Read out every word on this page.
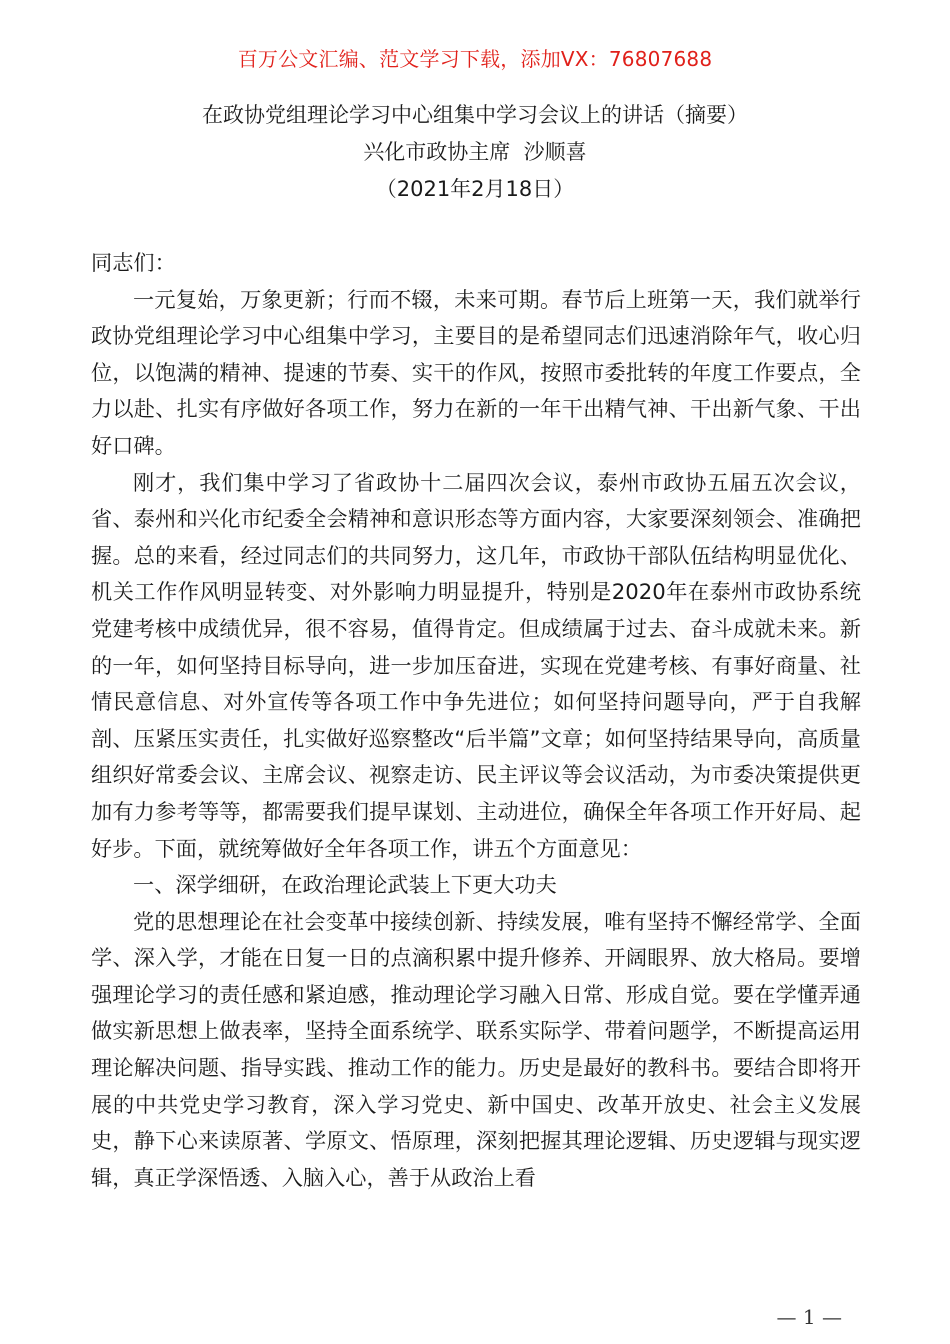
百万公文汇编、范文学习下载，添加VX：76807688
在政协党组理论学习中心组集中学习会议上的讲话（摘要）
兴化市政协主席  沙顺喜
（2021年2月18日）

同志们：

一元复始，万象更新；行而不辍，未来可期。春节后上班第一天，我们就举行政协党组理论学习中心组集中学习，主要目的是希望同志们迅速消除年气，收心归位，以饱满的精神、提速的节奏、实干的作风，按照市委批转的年度工作要点，全力以赴、扎实有序做好各项工作，努力在新的一年干出精气神、干出新气象、干出好口碑。

刚才，我们集中学习了省政协十二届四次会议，泰州市政协五届五次会议，省、泰州和兴化市纪委全会精神和意识形态等方面内容，大家要深刻领会、准确把握。总的来看，经过同志们的共同努力，这几年，市政协干部队伍结构明显优化、机关工作作风明显转变、对外影响力明显提升，特别是2020年在泰州市政协系统党建考核中成绩优异，很不容易，值得肯定。但成绩属于过去、奋斗成就未来。新的一年，如何坚持目标导向，进一步加压奋进，实现在党建考核、有事好商量、社情民意信息、对外宣传等各项工作中争先进位；如何坚持问题导向，严于自我解剖、压紧压实责任，扎实做好巡察整改“后半篇”文章；如何坚持结果导向，高质量组织好常委会议、主席会议、视察走访、民主评议等会议活动，为市委决策提供更加有力参考等等，都需要我们提早谋划、主动进位，确保全年各项工作开好局、起好步。下面，就统筹做好全年各项工作，讲五个方面意见：

一、深学细研，在政治理论武装上下更大功夫

党的思想理论在社会变革中接续创新、持续发展，唯有坚持不懈经常学、全面学、深入学，才能在日复一日的点滴积累中提升修养、开阔眼界、放大格局。要增强理论学习的责任感和紧迫感，推动理论学习融入日常、形成自觉。要在学懂弄通做实新思想上做表率，坚持全面系统学、联系实际学、带着问题学，不断提高运用理论解决问题、指导实践、推动工作的能力。历史是最好的教科书。要结合即将开展的中共党史学习教育，深入学习党史、新中国史、改革开放史、社会主义发展史，静下心来读原著、学原文、悟原理，深刻把握其理论逻辑、历史逻辑与现实逻辑，真正学深悟透、入脑入心，善于从政治上看

— 1 —
